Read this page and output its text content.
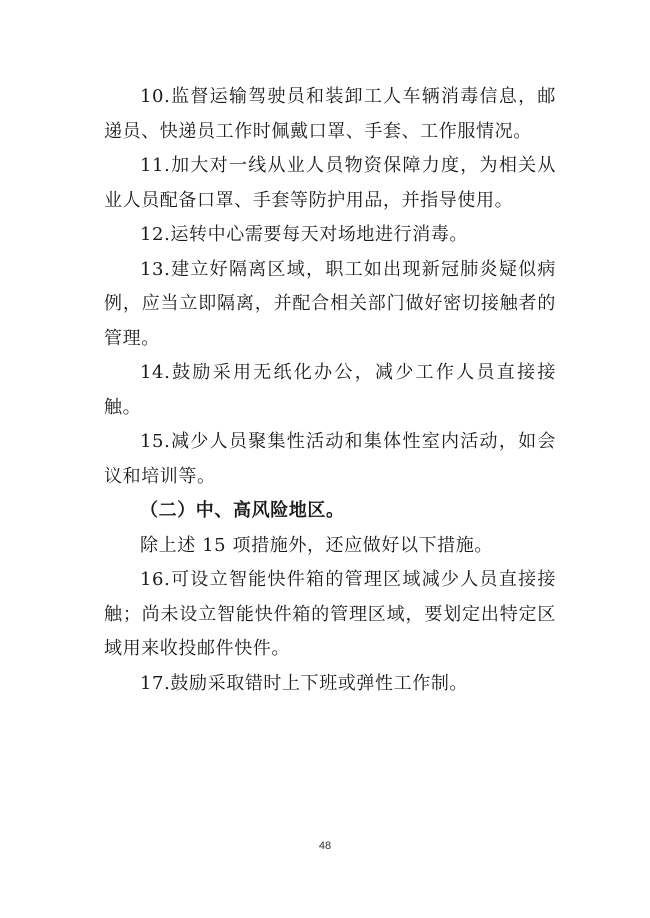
10.监督运输驾驶员和装卸工人车辆消毒信息，邮递员、快递员工作时佩戴口罩、手套、工作服情况。

11.加大对一线从业人员物资保障力度，为相关从业人员配备口罩、手套等防护用品，并指导使用。

12.运转中心需要每天对场地进行消毒。

13.建立好隔离区域，职工如出现新冠肺炎疑似病例，应当立即隔离，并配合相关部门做好密切接触者的管理。

14.鼓励采用无纸化办公，减少工作人员直接接触。

15.减少人员聚集性活动和集体性室内活动，如会议和培训等。

（二）中、高风险地区。

除上述 15 项措施外，还应做好以下措施。

16.可设立智能快件箱的管理区域减少人员直接接触；尚未设立智能快件箱的管理区域，要划定出特定区域用来收投邮件快件。

17.鼓励采取错时上下班或弹性工作制。

48
